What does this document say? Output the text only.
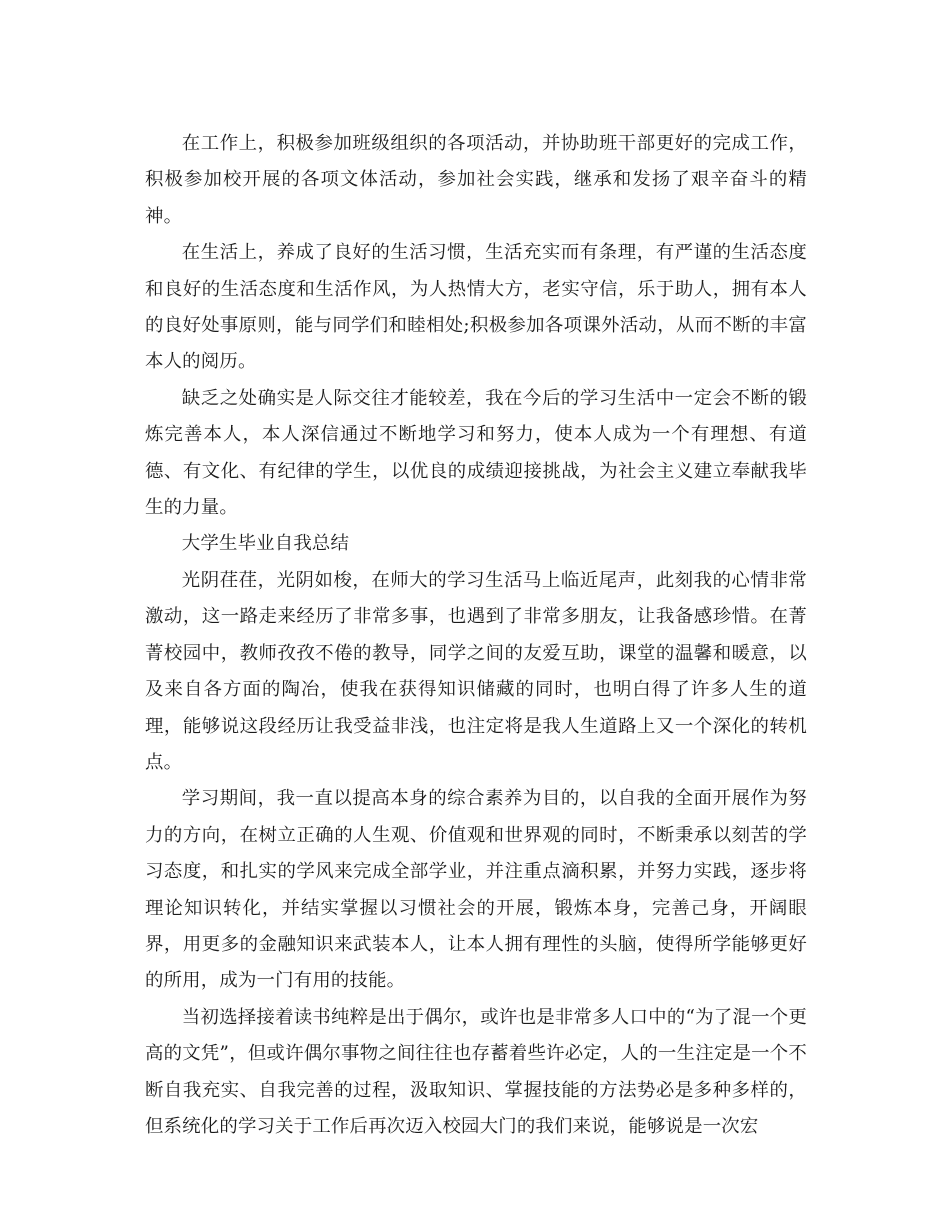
在工作上，积极参加班级组织的各项活动，并协助班干部更好的完成工作，积极参加校开展的各项文体活动，参加社会实践，继承和发扬了艰辛奋斗的精神。

在生活上，养成了良好的生活习惯，生活充实而有条理，有严谨的生活态度和良好的生活态度和生活作风，为人热情大方，老实守信，乐于助人，拥有本人的良好处事原则，能与同学们和睦相处;积极参加各项课外活动，从而不断的丰富本人的阅历。

缺乏之处确实是人际交往才能较差，我在今后的学习生活中一定会不断的锻炼完善本人，本人深信通过不断地学习和努力，使本人成为一个有理想、有道德、有文化、有纪律的学生，以优良的成绩迎接挑战，为社会主义建立奉献我毕生的力量。

大学生毕业自我总结

光阴荏荏，光阴如梭，在师大的学习生活马上临近尾声，此刻我的心情非常激动，这一路走来经历了非常多事，也遇到了非常多朋友，让我备感珍惜。在菁菁校园中，教师孜孜不倦的教导，同学之间的友爱互助，课堂的温馨和暖意，以及来自各方面的陶冶，使我在获得知识储藏的同时，也明白得了许多人生的道理，能够说这段经历让我受益非浅，也注定将是我人生道路上又一个深化的转机点。

学习期间，我一直以提高本身的综合素养为目的，以自我的全面开展作为努力的方向，在树立正确的人生观、价值观和世界观的同时，不断秉承以刻苦的学习态度，和扎实的学风来完成全部学业，并注重点滴积累，并努力实践，逐步将理论知识转化，并结实掌握以习惯社会的开展，锻炼本身，完善己身，开阔眼界，用更多的金融知识来武装本人，让本人拥有理性的头脑，使得所学能够更好的所用，成为一门有用的技能。

当初选择接着读书纯粹是出于偶尔，或许也是非常多人口中的“为了混一个更高的文凭”，但或许偶尔事物之间往往也存蓄着些许必定，人的一生注定是一个不断自我充实、自我完善的过程，汲取知识、掌握技能的方法势必是多种多样的，但系统化的学习关于工作后再次迈入校园大门的我们来说，能够说是一次宏
